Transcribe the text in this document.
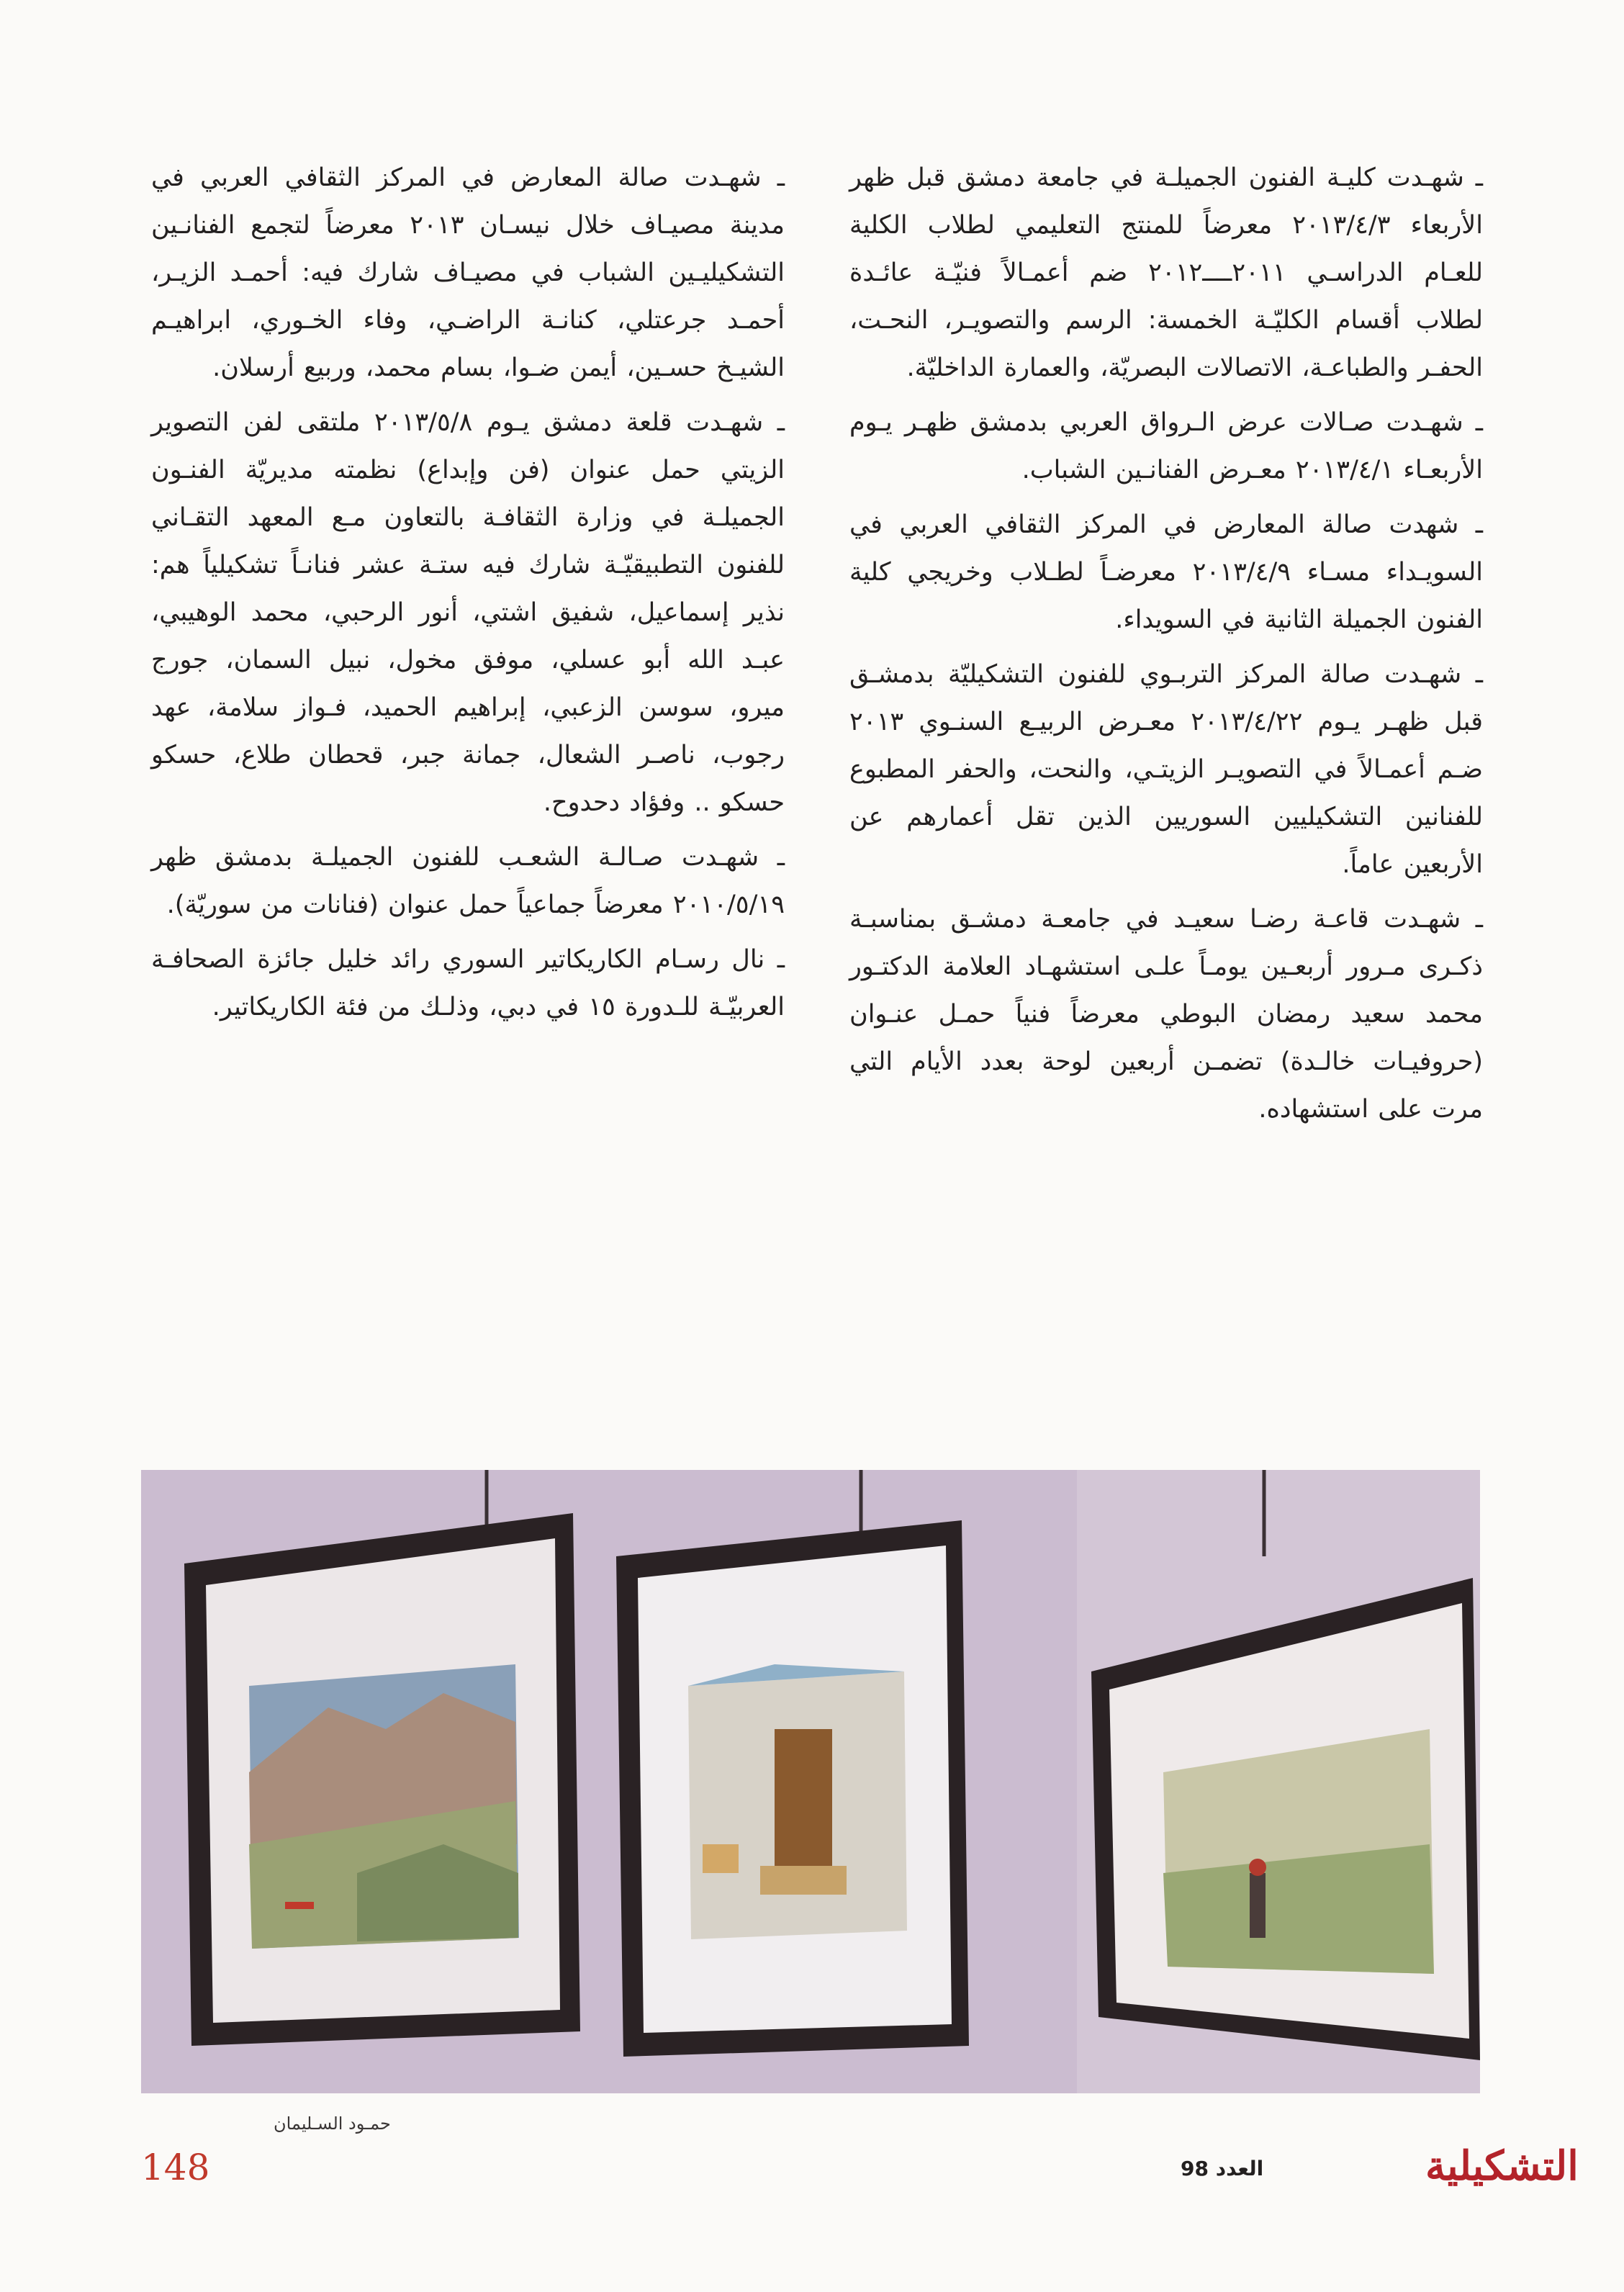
ـ شهـدت كليـة الفنون الجميلـة في جامعة دمشق قبل ظهر الأربعاء ٢٠١٣/٤/٣ معرضاً للمنتج التعليمي لطلاب الكلية للعـام الدراسـي ٢٠١١ــــ٢٠١٢ ضم أعمـالاً فنيّـة عائـدة لطلاب أقسام الكليّـة الخمسة: الرسم والتصويـر، النحـت، الحفـر والطباعـة، الاتصالات البصريّة، والعمارة الداخليّة.

ـ شهـدت صـالات عرض الـرواق العربي بدمشق ظهـر يـوم الأربعـاء ٢٠١٣/٤/١ معـرض الفنانـين الشباب.

ـ شهدت صالة المعارض في المركز الثقافي العربي في السويـداء مسـاء ٢٠١٣/٤/٩ معرضـاً لطـلاب وخريجي كلية الفنون الجميلة الثانية في السويداء.

ـ شهـدت صالة المركز التربـوي للفنون التشكيليّة بدمشـق قبل ظهـر يـوم ٢٠١٣/٤/٢٢ معـرض الربيـع السنـوي ٢٠١٣ ضـم أعمـالاً في التصويـر الزيتـي، والنحت، والحفر المطبوع للفنانين التشكيليين السوريين الذين تقل أعمارهم عن الأربعين عاماً.

ـ شهـدت قاعـة رضـا سعيـد في جامعـة دمشـق بمناسبـة ذكـرى مـرور أربعـين يومـاً علـى استشهـاد العلامة الدكتـور محمد سعيد رمضان البوطي معرضاً فنياً حمـل عنـوان (حروفيـات خالـدة) تضمـن أربعين لوحة بعدد الأيام التي مرت على استشهاده.

ـ شهـدت صالة المعارض في المركز الثقافي العربي في مدينة مصيـاف خلال نيسـان ٢٠١٣ معرضاً لتجمع الفنانـين التشكيليـين الشباب في مصيـاف شارك فيه: أحمـد الزيـر، أحمـد جرعتلي، كنانـة الراضـي، وفاء الخـوري، ابراهيـم الشيـخ حسـين، أيمن ضـوا، بسام محمد، وربيع أرسلان.

ـ شهـدت قلعة دمشق يـوم ٢٠١٣/٥/٨ ملتقى لفن التصوير الزيتي حمل عنوان (فن وإبداع) نظمته مديريّة الفنـون الجميلـة في وزارة الثقافـة بالتعاون مـع المعهد التقـاني للفنون التطبيقيّـة شارك فيه ستـة عشر فنانـاً تشكيلياً هم: نذير إسماعيل، شفيق اشتي، أنور الرحبي، محمد الوهيبي، عبـد الله أبو عسلي، موفق مخول، نبيل السمان، جورج ميرو، سوسن الزعبي، إبراهيم الحميد، فـواز سلامة، عهد رجوب، ناصـر الشعال، جمانة جبر، قحطان طلاع، حسكو حسكو .. وفؤاد دحدوح.

ـ شهـدت صـالـة الشعـب للفنون الجميلـة بدمشق ظهر ٢٠١٠/٥/١٩ معرضاً جماعياً حمل عنوان (فنانات من سوريّة).

ـ نال رسـام الكاريكاتير السوري رائد خليل جائزة الصحافـة العربيّـة للـدورة ١٥ في دبي، وذلـك من فئة الكاريكاتير.

حمـود السـليمان
148	العدد 98	التشكيلية
